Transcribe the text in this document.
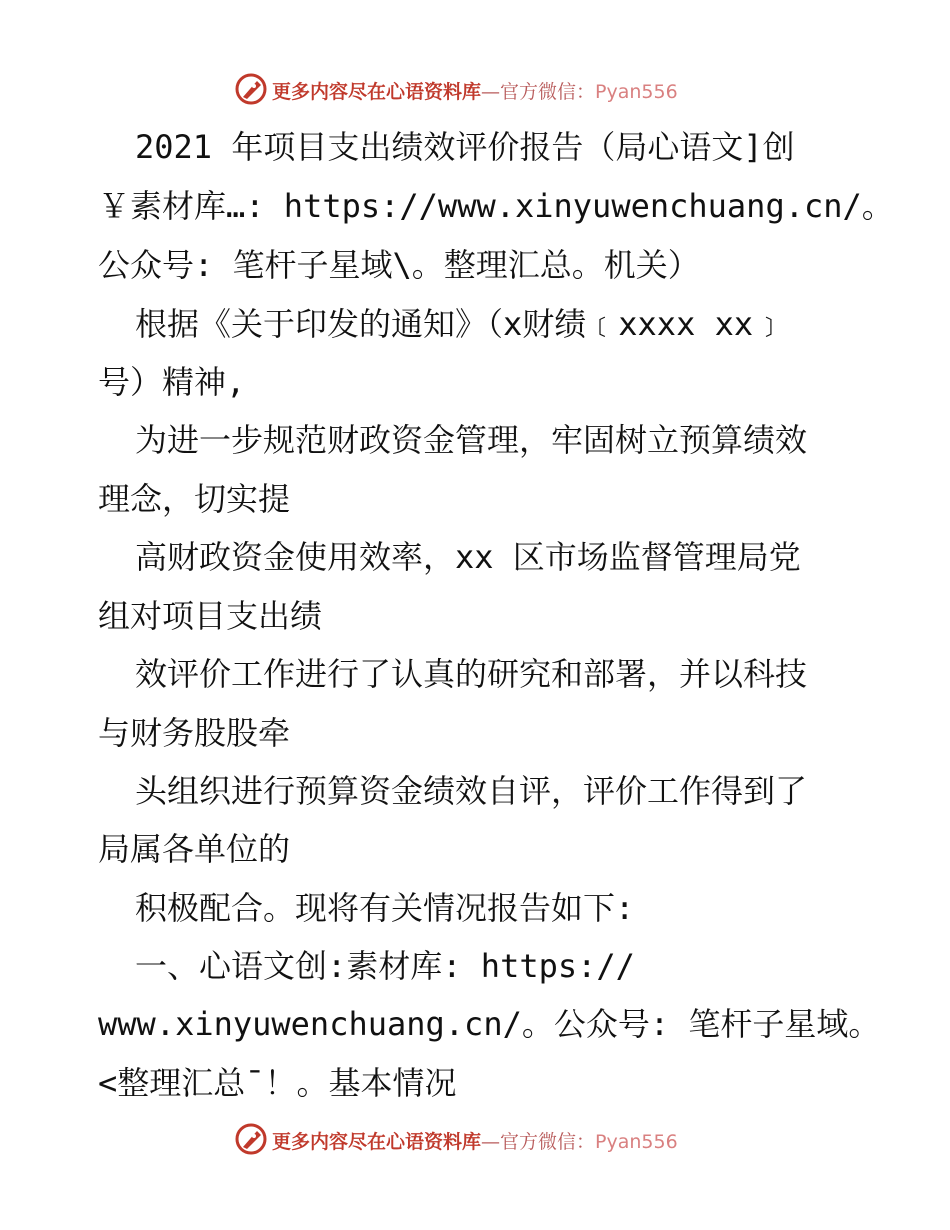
更多内容尽在心语资料库—官方微信：Pyan556
2021 年项目支出绩效评价报告（局心语文]创
￥素材库…: https://www.xinyuwenchuang.cn/。
公众号: 笔杆子星域\。整理汇总。机关）
根据《关于印发的通知》（x财绩﹝xxxx xx﹞
号）精神,
为进一步规范财政资金管理，牢固树立预算绩效
理念，切实提
高财政资金使用效率，xx 区市场监督管理局党
组对项目支出绩
效评价工作进行了认真的研究和部署，并以科技
与财务股股牵
头组织进行预算资金绩效自评，评价工作得到了
局属各单位的
积极配合。现将有关情况报告如下:
一、心语文创:素材库: https://
www.xinyuwenchuang.cn/。公众号: 笔杆子星域。
<整理汇总¯！。基本情况
更多内容尽在心语资料库—官方微信：Pyan556
